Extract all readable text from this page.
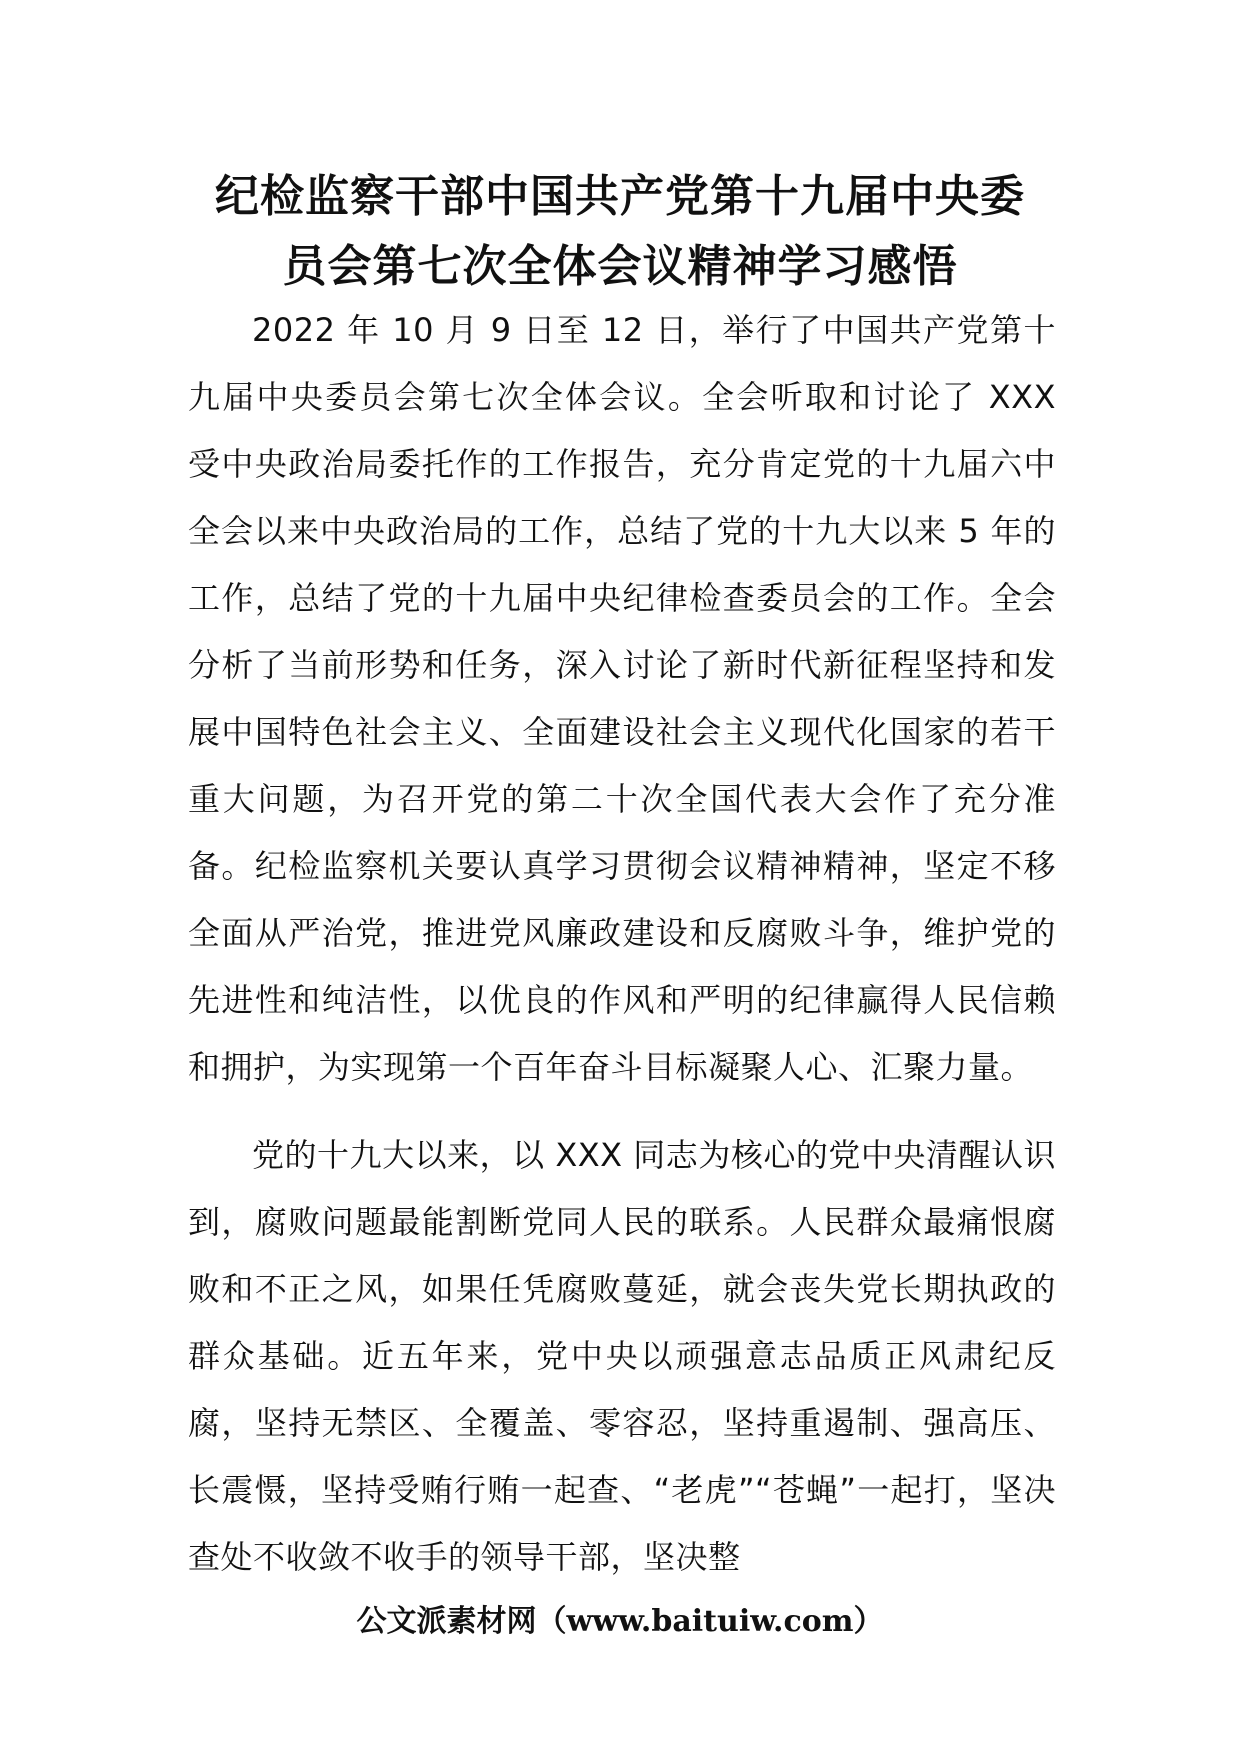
纪检监察干部中国共产党第十九届中央委
员会第七次全体会议精神学习感悟

2022 年 10 月 9 日至 12 日，举行了中国共产党第十九届中央委员会第七次全体会议。全会听取和讨论了 XXX 受中央政治局委托作的工作报告，充分肯定党的十九届六中全会以来中央政治局的工作，总结了党的十九大以来 5 年的工作，总结了党的十九届中央纪律检查委员会的工作。全会分析了当前形势和任务，深入讨论了新时代新征程坚持和发展中国特色社会主义、全面建设社会主义现代化国家的若干重大问题，为召开党的第二十次全国代表大会作了充分准备。纪检监察机关要认真学习贯彻会议精神精神，坚定不移全面从严治党，推进党风廉政建设和反腐败斗争，维护党的先进性和纯洁性，以优良的作风和严明的纪律赢得人民信赖和拥护，为实现第一个百年奋斗目标凝聚人心、汇聚力量。

党的十九大以来，以 XXX 同志为核心的党中央清醒认识到，腐败问题最能割断党同人民的联系。人民群众最痛恨腐败和不正之风，如果任凭腐败蔓延，就会丧失党长期执政的群众基础。近五年来，党中央以顽强意志品质正风肃纪反腐，坚持无禁区、全覆盖、零容忍，坚持重遏制、强高压、长震慑，坚持受贿行贿一起查、“老虎”“苍蝇”一起打，坚决查处不收敛不收手的领导干部，坚决整

公文派素材网（www.baituiw.com）
